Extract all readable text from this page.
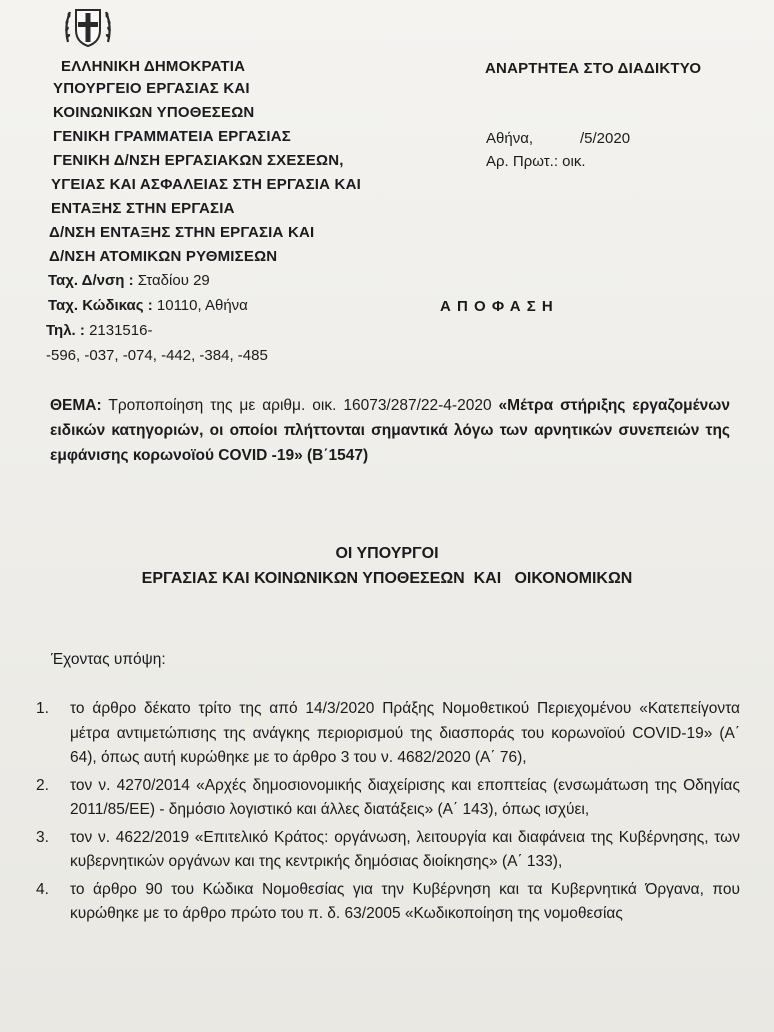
ΕΛΛΗΝΙΚΗ ΔΗΜΟΚΡΑΤΙΑ
ΥΠΟΥΡΓΕΙΟ ΕΡΓΑΣΙΑΣ ΚΑΙ
ΚΟΙΝΩΝΙΚΩΝ ΥΠΟΘΕΣΕΩΝ
ΓΕΝΙΚΗ ΓΡΑΜΜΑΤΕΙΑ ΕΡΓΑΣΙΑΣ
ΓΕΝΙΚΗ Δ/ΝΣΗ ΕΡΓΑΣΙΑΚΩΝ ΣΧΕΣΕΩΝ,
ΥΓΕΙΑΣ ΚΑΙ ΑΣΦΑΛΕΙΑΣ ΣΤΗ ΕΡΓΑΣΙΑ ΚΑΙ
ΕΝΤΑΞΗΣ ΣΤΗΝ ΕΡΓΑΣΙΑ
Δ/ΝΣΗ ΕΝΤΑΞΗΣ ΣΤΗΝ ΕΡΓΑΣΙΑ ΚΑΙ
Δ/ΝΣΗ ΑΤΟΜΙΚΩΝ ΡΥΘΜΙΣΕΩΝ
Ταχ. Δ/νση : Σταδίου 29
Ταχ. Κώδικας : 10110, Αθήνα
Τηλ. : 2131516-
-596, -037, -074, -442, -384, -485
ΑΝΑΡΤΗΤΕΑ ΣΤΟ ΔΙΑΔΙΚΤΥΟ
Αθήνα,	/5/2020
Αρ. Πρωτ.: οικ.
Α Π Ο Φ Α Σ Η
ΘΕΜΑ: Τροποποίηση της με αριθμ. οικ. 16073/287/22-4-2020 «Μέτρα στήριξης εργαζομένων ειδικών κατηγοριών, οι οποίοι πλήττονται σημαντικά λόγω των αρνητικών συνεπειών της εμφάνισης κορωνοϊού COVID -19» (Β΄1547)
ΟΙ ΥΠΟΥΡΓΟΙ
ΕΡΓΑΣΙΑΣ ΚΑΙ ΚΟΙΝΩΝΙΚΩΝ ΥΠΟΘΕΣΕΩΝ  ΚΑΙ   ΟΙΚΟΝΟΜΙΚΩΝ
Έχοντας υπόψη:
1. το άρθρο δέκατο τρίτο της από 14/3/2020 Πράξης Νομοθετικού Περιεχομένου «Κατεπείγοντα μέτρα αντιμετώπισης της ανάγκης περιορισμού της διασποράς του κορωνοϊού COVID-19» (Α΄ 64), όπως αυτή κυρώθηκε με το άρθρο 3 του ν. 4682/2020 (Α΄ 76),
2. τον ν. 4270/2014 «Αρχές δημοσιονομικής διαχείρισης και εποπτείας (ενσωμάτωση της Οδηγίας 2011/85/ΕΕ) - δημόσιο λογιστικό και άλλες διατάξεις» (Α΄ 143), όπως ισχύει,
3. τον ν. 4622/2019 «Επιτελικό Κράτος: οργάνωση, λειτουργία και διαφάνεια της Κυβέρνησης, των κυβερνητικών οργάνων και της κεντρικής δημόσιας διοίκησης» (Α΄ 133),
4. το άρθρο 90 του Κώδικα Νομοθεσίας για την Κυβέρνηση και τα Κυβερνητικά Όργανα, που κυρώθηκε με το άρθρο πρώτο του π. δ. 63/2005 «Κωδικοποίηση της νομοθεσίας
